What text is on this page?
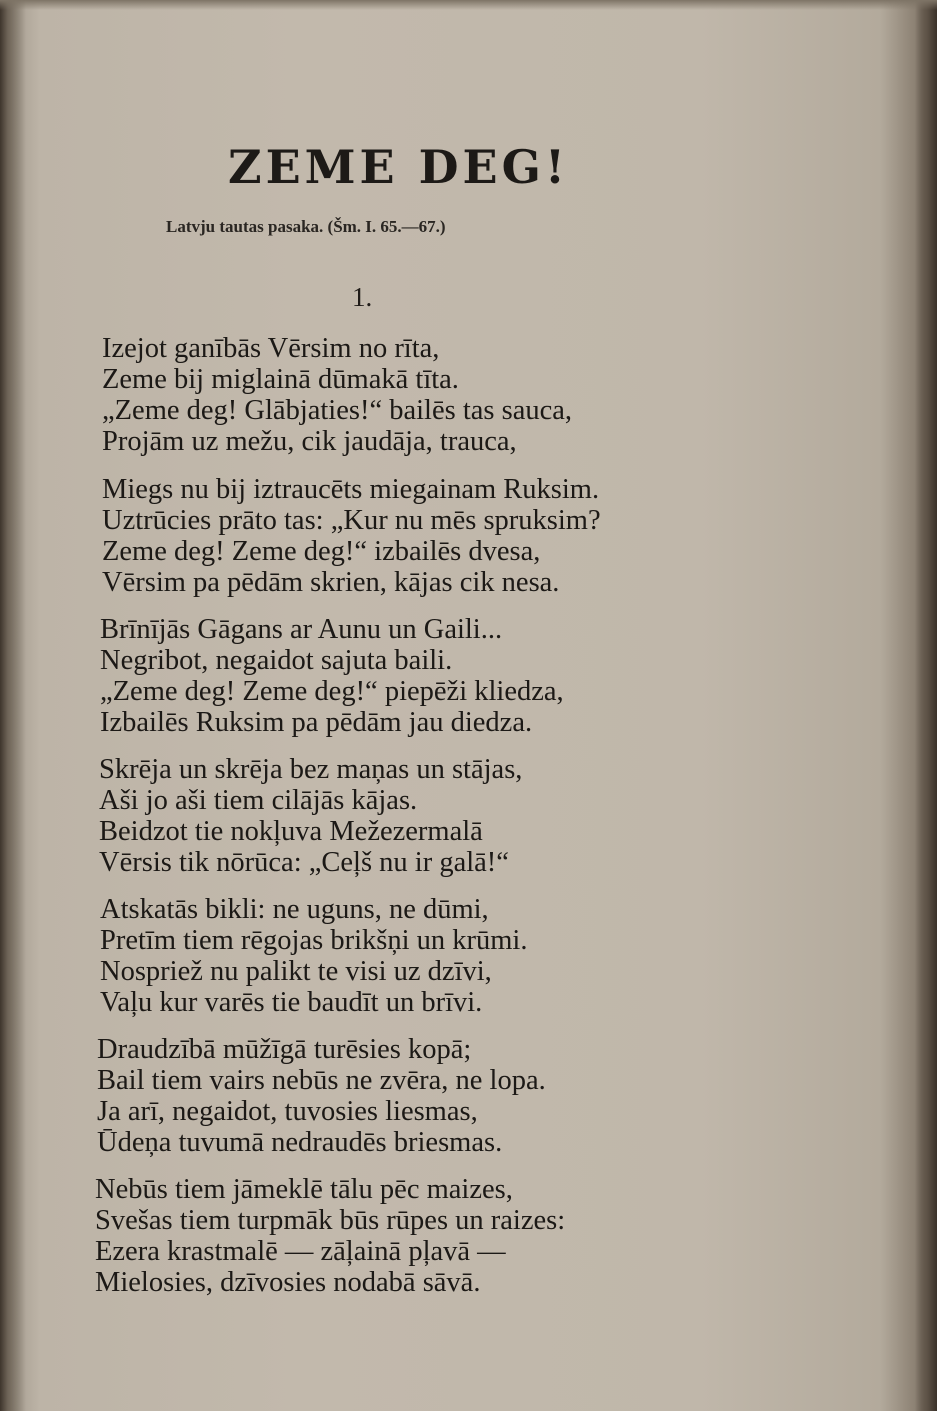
ZEME DEG!

Latvju tautas pasaka. (Šm. I. 65.—67.)

1.

Izejot ganībās Vērsim no rīta,
Zeme bij miglainā dūmakā tīta.
„Zeme deg! Glābjaties!“ bailēs tas sauca,
Projām uz mežu, cik jaudāja, trauca,
Miegs nu bij iztraucēts miegainam Ruksim.
Uztrūcies prāto tas: „Kur nu mēs spruksim?
Zeme deg! Zeme deg!“ izbailēs dvesa,
Vērsim pa pēdām skrien, kājas cik nesa.
Brīnījās Gāgans ar Aunu un Gaili...
Negribot, negaidot sajuta baili.
„Zeme deg! Zeme deg!“ piepēži kliedza,
Izbailēs Ruksim pa pēdām jau diedza.
Skrēja un skrēja bez maņas un stājas,
Aši jo aši tiem cilājās kājas.
Beidzot tie nokļuva Mežezermalā
Vērsis tik nōrūca: „Ceļš nu ir galā!“
Atskatās bikli: ne uguns, ne dūmi,
Pretīm tiem rēgojas brikšņi un krūmi.
Nospriež nu palikt te visi uz dzīvi,
Vaļu kur varēs tie baudīt un brīvi.
Draudzībā mūžīgā turēsies kopā;
Bail tiem vairs nebūs ne zvēra, ne lopa.
Ja arī, negaidot, tuvosies liesmas,
Ūdeņa tuvumā nedraudēs briesmas.
Nebūs tiem jāmeklē tālu pēc maizes,
Svešas tiem turpmāk būs rūpes un raizes:
Ezera krastmalē — zāļainā pļavā —
Mielosies, dzīvosies nodabā sāvā.
